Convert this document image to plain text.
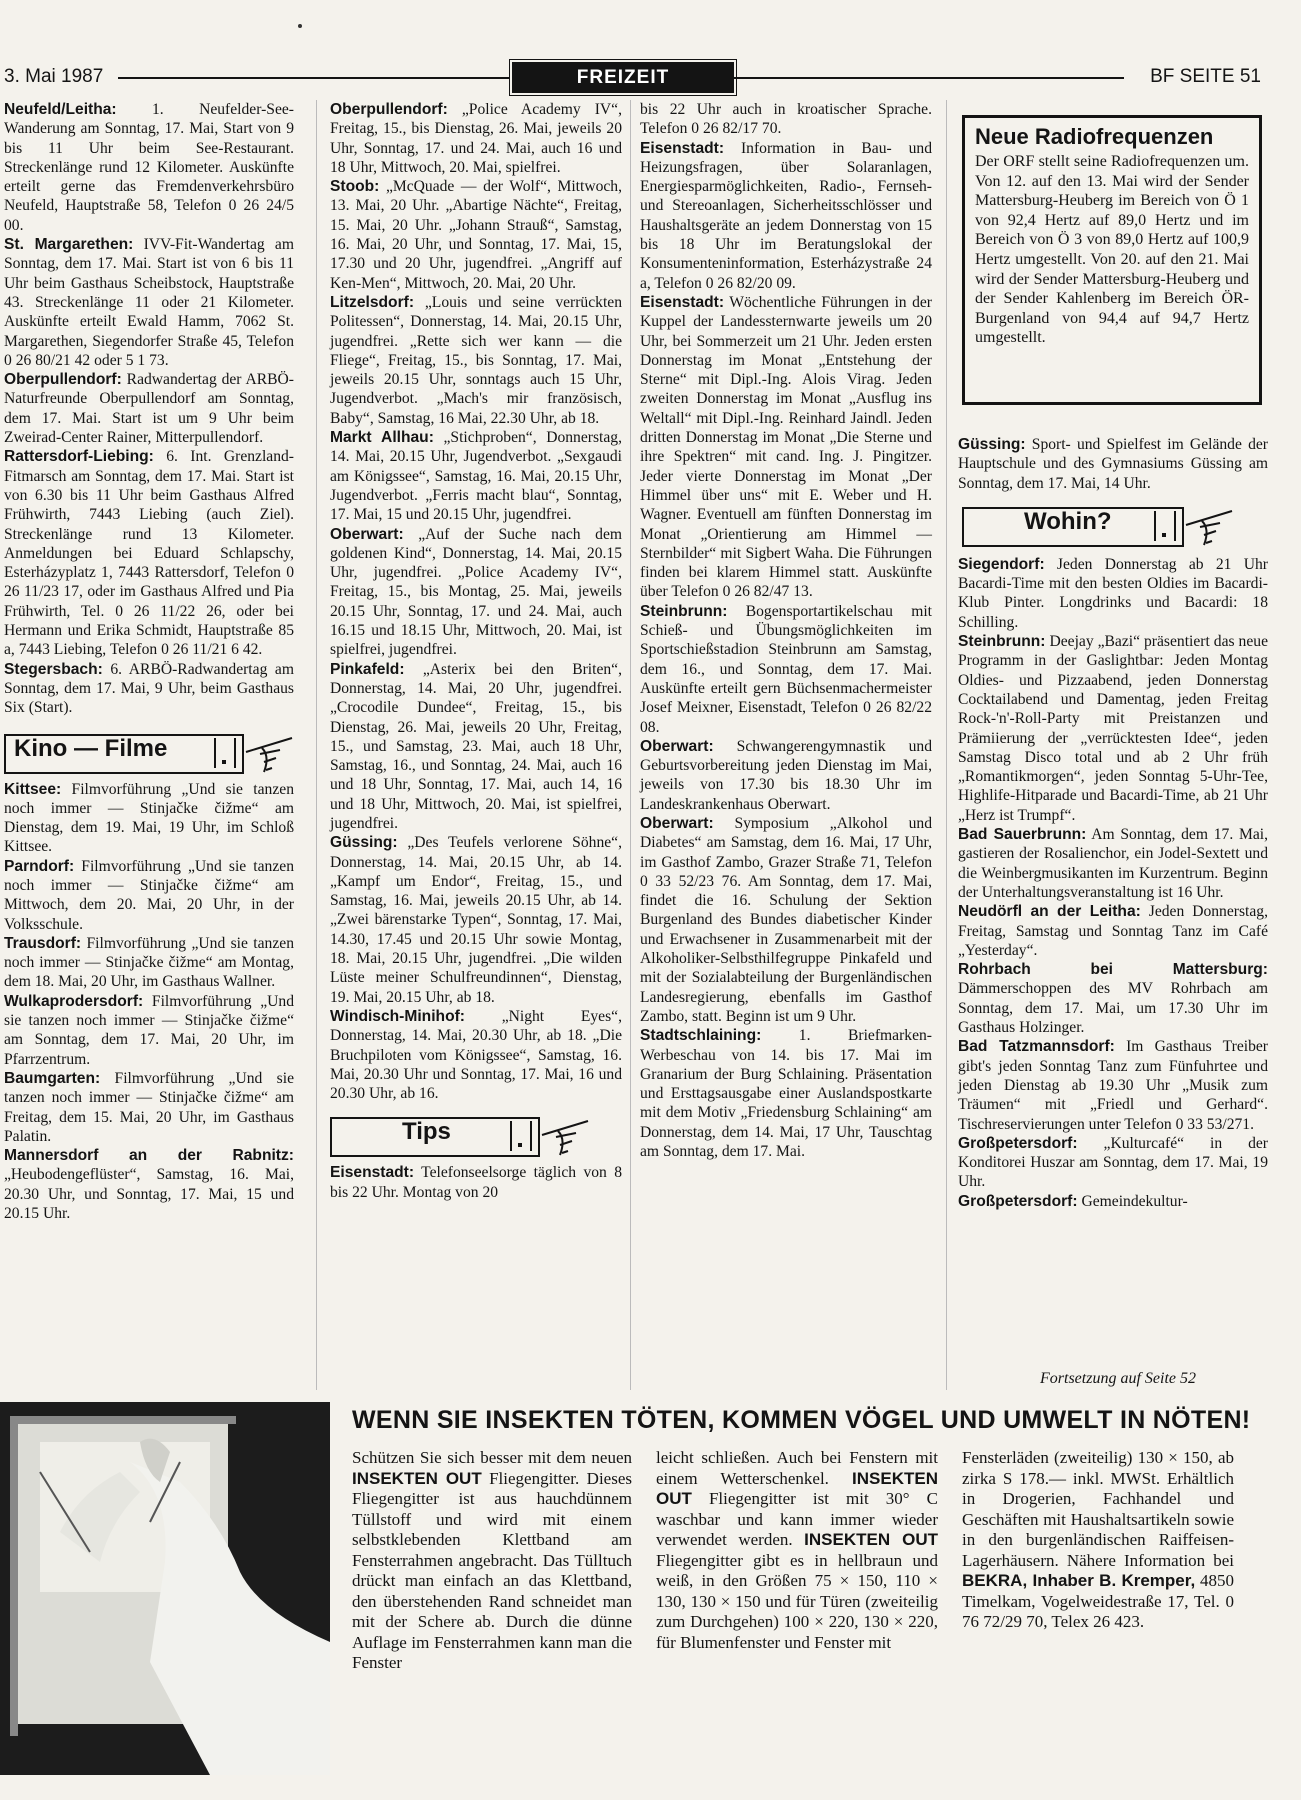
3. Mai 1987	FREIZEIT	BF SEITE 51

Neufeld/Leitha: 1. Neufelder-See-Wanderung am Sonntag, 17. Mai, Start von 9 bis 11 Uhr beim See-Restaurant. Streckenlänge rund 12 Kilometer. Auskünfte erteilt gerne das Fremdenverkehrsbüro Neufeld, Hauptstraße 58, Telefon 0 26 24/5 00.

St. Margarethen: IVV-Fit-Wandertag am Sonntag, dem 17. Mai. Start ist von 6 bis 11 Uhr beim Gasthaus Scheibstock, Hauptstraße 43. Streckenlänge 11 oder 21 Kilometer. Auskünfte erteilt Ewald Hamm, 7062 St. Margarethen, Siegendorfer Straße 45, Telefon 0 26 80/21 42 oder 5 1 73.

Oberpullendorf: Radwandertag der ARBÖ-Naturfreunde Oberpullendorf am Sonntag, dem 17. Mai. Start ist um 9 Uhr beim Zweirad-Center Rainer, Mitterpullendorf.

Rattersdorf-Liebing: 6. Int. Grenzland-Fitmarsch am Sonntag, dem 17. Mai. Start ist von 6.30 bis 11 Uhr beim Gasthaus Alfred Frühwirth, 7443 Liebing (auch Ziel). Streckenlänge rund 13 Kilometer. Anmeldungen bei Eduard Schlapschy, Esterházyplatz 1, 7443 Rattersdorf, Telefon 0 26 11/23 17, oder im Gasthaus Alfred und Pia Frühwirth, Tel. 0 26 11/22 26, oder bei Hermann und Erika Schmidt, Hauptstraße 85 a, 7443 Liebing, Telefon 0 26 11/21 6 42.

Stegersbach: 6. ARBÖ-Radwandertag am Sonntag, dem 17. Mai, 9 Uhr, beim Gasthaus Six (Start).

Kino — Filme

Kittsee: Filmvorführung „Und sie tanzen noch immer — Stinjačke čižme“ am Dienstag, dem 19. Mai, 19 Uhr, im Schloß Kittsee.

Parndorf: Filmvorführung „Und sie tanzen noch immer — Stinjačke čižme“ am Mittwoch, dem 20. Mai, 20 Uhr, in der Volksschule.

Trausdorf: Filmvorführung „Und sie tanzen noch immer — Stinjačke čižme“ am Montag, dem 18. Mai, 20 Uhr, im Gasthaus Wallner.

Wulkaprodersdorf: Filmvorführung „Und sie tanzen noch immer — Stinjačke čižme“ am Sonntag, dem 17. Mai, 20 Uhr, im Pfarrzentrum.

Baumgarten: Filmvorführung „Und sie tanzen noch immer — Stinjačke čižme“ am Freitag, dem 15. Mai, 20 Uhr, im Gasthaus Palatin.

Mannersdorf an der Rabnitz: „Heubodengeflüster“, Samstag, 16. Mai, 20.30 Uhr, und Sonntag, 17. Mai, 15 und 20.15 Uhr.

Oberpullendorf: „Police Academy IV“, Freitag, 15., bis Dienstag, 26. Mai, jeweils 20 Uhr, Sonntag, 17. und 24. Mai, auch 16 und 18 Uhr, Mittwoch, 20. Mai, spielfrei.

Stoob: „McQuade — der Wolf“, Mittwoch, 13. Mai, 20 Uhr. „Abartige Nächte“, Freitag, 15. Mai, 20 Uhr. „Johann Strauß“, Samstag, 16. Mai, 20 Uhr, und Sonntag, 17. Mai, 15, 17.30 und 20 Uhr, jugendfrei. „Angriff auf Ken-Men“, Mittwoch, 20. Mai, 20 Uhr.

Litzelsdorf: „Louis und seine verrückten Politessen“, Donnerstag, 14. Mai, 20.15 Uhr, jugendfrei. „Rette sich wer kann — die Fliege“, Freitag, 15., bis Sonntag, 17. Mai, jeweils 20.15 Uhr, sonntags auch 15 Uhr, Jugendverbot. „Mach's mir französisch, Baby“, Samstag, 16 Mai, 22.30 Uhr, ab 18.

Markt Allhau: „Stichproben“, Donnerstag, 14. Mai, 20.15 Uhr, Jugendverbot. „Sexgaudi am Königssee“, Samstag, 16. Mai, 20.15 Uhr, Jugendverbot. „Ferris macht blau“, Sonntag, 17. Mai, 15 und 20.15 Uhr, jugendfrei.

Oberwart: „Auf der Suche nach dem goldenen Kind“, Donnerstag, 14. Mai, 20.15 Uhr, jugendfrei. „Police Academy IV“, Freitag, 15., bis Montag, 25. Mai, jeweils 20.15 Uhr, Sonntag, 17. und 24. Mai, auch 16.15 und 18.15 Uhr, Mittwoch, 20. Mai, ist spielfrei, jugendfrei.

Pinkafeld: „Asterix bei den Briten“, Donnerstag, 14. Mai, 20 Uhr, jugendfrei. „Crocodile Dundee“, Freitag, 15., bis Dienstag, 26. Mai, jeweils 20 Uhr, Freitag, 15., und Samstag, 23. Mai, auch 18 Uhr, Samstag, 16., und Sonntag, 24. Mai, auch 16 und 18 Uhr, Sonntag, 17. Mai, auch 14, 16 und 18 Uhr, Mittwoch, 20. Mai, ist spielfrei, jugendfrei.

Güssing: „Des Teufels verlorene Söhne“, Donnerstag, 14. Mai, 20.15 Uhr, ab 14. „Kampf um Endor“, Freitag, 15., und Samstag, 16. Mai, jeweils 20.15 Uhr, ab 14. „Zwei bärenstarke Typen“, Sonntag, 17. Mai, 14.30, 17.45 und 20.15 Uhr sowie Montag, 18. Mai, 20.15 Uhr, jugendfrei. „Die wilden Lüste meiner Schulfreundinnen“, Dienstag, 19. Mai, 20.15 Uhr, ab 18.

Windisch-Minihof: „Night Eyes“, Donnerstag, 14. Mai, 20.30 Uhr, ab 18. „Die Bruchpiloten vom Königssee“, Samstag, 16. Mai, 20.30 Uhr und Sonntag, 17. Mai, 16 und 20.30 Uhr, ab 16.

Tips

Eisenstadt: Telefonseelsorge täglich von 8 bis 22 Uhr. Montag von 20

bis 22 Uhr auch in kroatischer Sprache. Telefon 0 26 82/17 70.

Eisenstadt: Information in Bau- und Heizungsfragen, über Solaranlagen, Energiesparmöglichkeiten, Radio-, Fernseh- und Stereoanlagen, Sicherheitsschlösser und Haushaltsgeräte an jedem Donnerstag von 15 bis 18 Uhr im Beratungslokal der Konsumenteninformation, Esterházystraße 24 a, Telefon 0 26 82/20 09.

Eisenstadt: Wöchentliche Führungen in der Kuppel der Landessternwarte jeweils um 20 Uhr, bei Sommerzeit um 21 Uhr. Jeden ersten Donnerstag im Monat „Entstehung der Sterne“ mit Dipl.-Ing. Alois Virag. Jeden zweiten Donnerstag im Monat „Ausflug ins Weltall“ mit Dipl.-Ing. Reinhard Jaindl. Jeden dritten Donnerstag im Monat „Die Sterne und ihre Spektren“ mit cand. Ing. J. Pingitzer. Jeder vierte Donnerstag im Monat „Der Himmel über uns“ mit E. Weber und H. Wagner. Eventuell am fünften Donnerstag im Monat „Orientierung am Himmel — Sternbilder“ mit Sigbert Waha. Die Führungen finden bei klarem Himmel statt. Auskünfte über Telefon 0 26 82/47 13.

Steinbrunn: Bogensportartikelschau mit Schieß- und Übungsmöglichkeiten im Sportschießstadion Steinbrunn am Samstag, dem 16., und Sonntag, dem 17. Mai. Auskünfte erteilt gern Büchsenmachermeister Josef Meixner, Eisenstadt, Telefon 0 26 82/22 08.

Oberwart: Schwangerengymnastik und Geburtsvorbereitung jeden Dienstag im Mai, jeweils von 17.30 bis 18.30 Uhr im Landeskrankenhaus Oberwart.

Oberwart: Symposium „Alkohol und Diabetes“ am Samstag, dem 16. Mai, 17 Uhr, im Gasthof Zambo, Grazer Straße 71, Telefon 0 33 52/23 76. Am Sonntag, dem 17. Mai, findet die 16. Schulung der Sektion Burgenland des Bundes diabetischer Kinder und Erwachsener in Zusammenarbeit mit der Alkoholiker-Selbsthilfegruppe Pinkafeld und mit der Sozialabteilung der Burgenländischen Landesregierung, ebenfalls im Gasthof Zambo, statt. Beginn ist um 9 Uhr.

Stadtschlaining: 1. Briefmarken-Werbeschau von 14. bis 17. Mai im Granarium der Burg Schlaining. Präsentation und Ersttagsausgabe einer Auslandspostkarte mit dem Motiv „Friedensburg Schlaining“ am Donnerstag, dem 14. Mai, 17 Uhr, Tauschtag am Sonntag, dem 17. Mai.

Neue Radiofrequenzen
Der ORF stellt seine Radiofrequenzen um. Von 12. auf den 13. Mai wird der Sender Mattersburg-Heuberg im Bereich von Ö 1 von 92,4 Hertz auf 89,0 Hertz und im Bereich von Ö 3 von 89,0 Hertz auf 100,9 Hertz umgestellt. Von 20. auf den 21. Mai wird der Sender Mattersburg-Heuberg und der Sender Kahlenberg im Bereich ÖR-Burgenland von 94,4 auf 94,7 Hertz umgestellt.

Güssing: Sport- und Spielfest im Gelände der Hauptschule und des Gymnasiums Güssing am Sonntag, dem 17. Mai, 14 Uhr.

Wohin?

Siegendorf: Jeden Donnerstag ab 21 Uhr Bacardi-Time mit den besten Oldies im Bacardi-Klub Pinter. Longdrinks und Bacardi: 18 Schilling.

Steinbrunn: Deejay „Bazi“ präsentiert das neue Programm in der Gaslightbar: Jeden Montag Oldies- und Pizzaabend, jeden Donnerstag Cocktailabend und Damentag, jeden Freitag Rock-'n'-Roll-Party mit Preistanzen und Prämiierung der „verrücktesten Idee“, jeden Samstag Disco total und ab 2 Uhr früh „Romantikmorgen“, jeden Sonntag 5-Uhr-Tee, Highlife-Hitparade und Bacardi-Time, ab 21 Uhr „Herz ist Trumpf“.

Bad Sauerbrunn: Am Sonntag, dem 17. Mai, gastieren der Rosalienchor, ein Jodel-Sextett und die Weinbergmusikanten im Kurzentrum. Beginn der Unterhaltungsveranstaltung ist 16 Uhr.

Neudörfl an der Leitha: Jeden Donnerstag, Freitag, Samstag und Sonntag Tanz im Café „Yesterday“.

Rohrbach bei Mattersburg: Dämmerschoppen des MV Rohrbach am Sonntag, dem 17. Mai, um 17.30 Uhr im Gasthaus Holzinger.

Bad Tatzmannsdorf: Im Gasthaus Treiber gibt's jeden Sonntag Tanz zum Fünfuhrtee und jeden Dienstag ab 19.30 Uhr „Musik zum Träumen“ mit „Friedl und Gerhard“. Tischreservierungen unter Telefon 0 33 53/271.

Großpetersdorf: „Kulturcafé“ in der Konditorei Huszar am Sonntag, dem 17. Mai, 19 Uhr.

Großpetersdorf: Gemeindekultur-

Fortsetzung auf Seite 52
WENN SIE INSEKTEN TÖTEN, KOMMEN VÖGEL UND UMWELT IN NÖTEN!
Schützen Sie sich besser mit dem neuen INSEKTEN OUT Fliegengitter. Dieses Fliegengitter ist aus hauchdünnem Tüllstoff und wird mit einem selbstklebenden Klettband am Fensterrahmen angebracht. Das Tülltuch drückt man einfach an das Klettband, den überstehenden Rand schneidet man mit der Schere ab. Durch die dünne Auflage im Fensterrahmen kann man die Fenster
leicht schließen. Auch bei Fenstern mit einem Wetterschenkel. INSEKTEN OUT Fliegengitter ist mit 30° C waschbar und kann immer wieder verwendet werden. INSEKTEN OUT Fliegengitter gibt es in hellbraun und weiß, in den Größen 75 × 150, 110 × 130, 130 × 150 und für Türen (zweiteilig zum Durchgehen) 100 × 220, 130 × 220, für Blumenfenster und Fenster mit
Fensterläden (zweiteilig) 130 × 150, ab zirka S 178.— inkl. MWSt. Erhältlich in Drogerien, Fachhandel und Geschäften mit Haushaltsartikeln sowie in den burgenländischen Raiffeisen-Lagerhäusern. Nähere Information bei BEKRA, Inhaber B. Kremper, 4850 Timelkam, Vogelweidestraße 17, Tel. 0 76 72/29 70, Telex 26 423.
